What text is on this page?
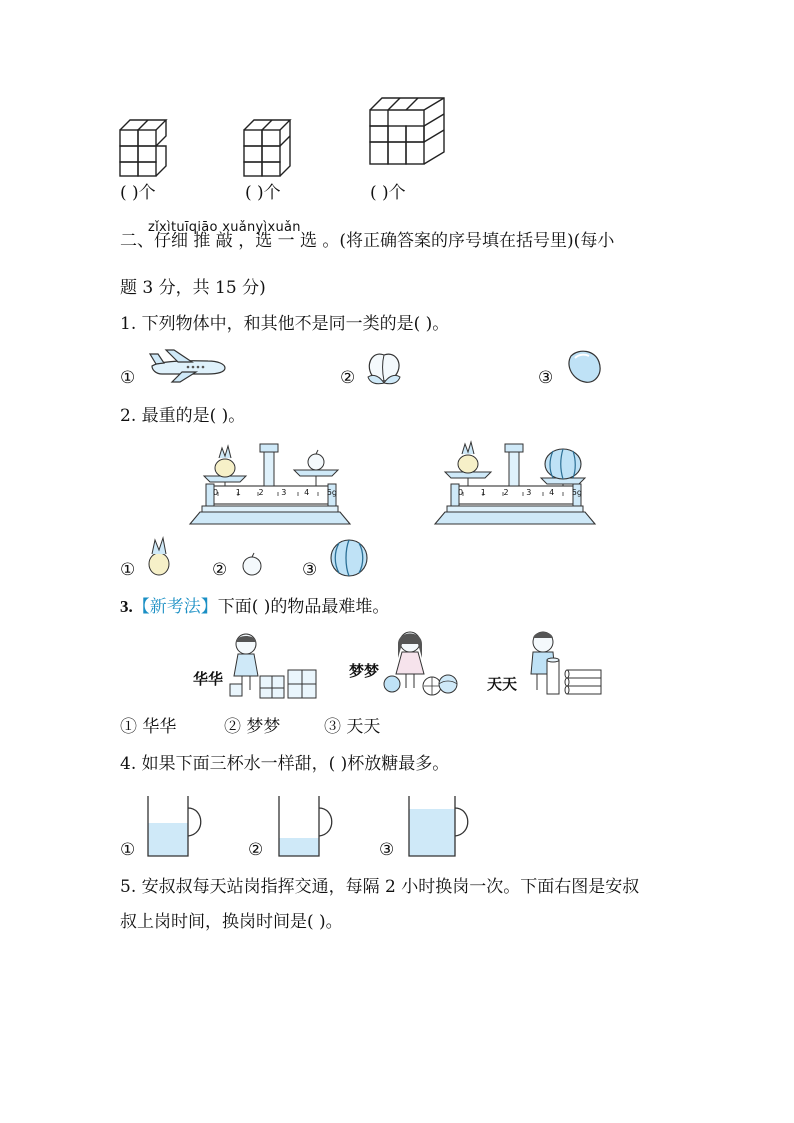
( )个	( )个	( )个
zǐxìtuīqiāo xuǎnyìxuǎn
二、仔细 推 敲 ，选 一 选 。(将正确答案的序号填在括号里)(每小
题 3 分，共 15 分)
1. 下列物体中，和其他不是同一类的是( )。
①	②	③
2. 最重的是( )。
0 1 2 3 4 5g	0 1 2 3 4 5g
①	②	③
3.【新考法】下面( )的物品最难堆。
华华	梦梦
天天
① 华华	② 梦梦	③ 天天
4. 如果下面三杯水一样甜，( )杯放糖最多。
①	②	③
5. 安叔叔每天站岗指挥交通，每隔 2 小时换岗一次。下面右图是安叔
叔上岗时间，换岗时间是( )。
